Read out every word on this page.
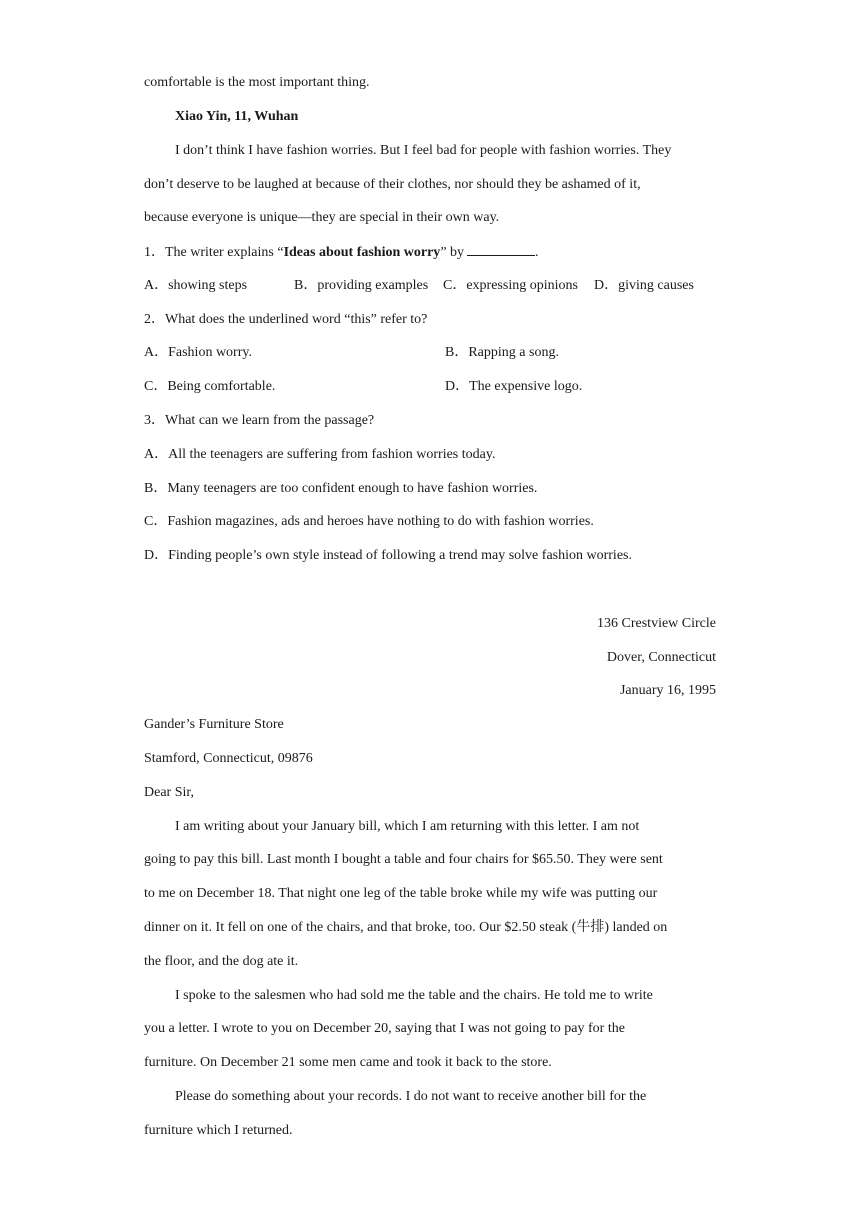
comfortable is the most important thing.
Xiao Yin, 11, Wuhan
I don’t think I have fashion worries. But I feel bad for people with fashion worries. They
don’t deserve to be laughed at because of their clothes, nor should they be ashamed of it,
because everyone is unique—they are special in their own way.
1．The writer explains “Ideas about fashion worry” by	.
A．showing steps	B．providing examples C．expressing opinions D．giving causes
2．What does the underlined word “this” refer to?
A．Fashion worry.	B．Rapping a song.
C．Being comfortable.	D．The expensive logo.
3．What can we learn from the passage?
A．All the teenagers are suffering from fashion worries today.
B．Many teenagers are too confident enough to have fashion worries.
C．Fashion magazines, ads and heroes have nothing to do with fashion worries.
D．Finding people’s own style instead of following a trend may solve fashion worries.
136 Crestview Circle
Dover, Connecticut
January 16, 1995
Gander’s Furniture Store
Stamford, Connecticut, 09876
Dear Sir,
I am writing about your January bill, which I am returning with this letter. I am not
going to pay this bill. Last month I bought a table and four chairs for $65.50. They were sent
to me on December 18. That night one leg of the table broke while my wife was putting our
dinner on it. It fell on one of the chairs, and that broke, too. Our $2.50 steak (牛排) landed on
the floor, and the dog ate it.
I spoke to the salesmen who had sold me the table and the chairs. He told me to write
you a letter. I wrote to you on December 20, saying that I was not going to pay for the
furniture. On December 21 some men came and took it back to the store.
Please do something about your records. I do not want to receive another bill for the
furniture which I returned.
